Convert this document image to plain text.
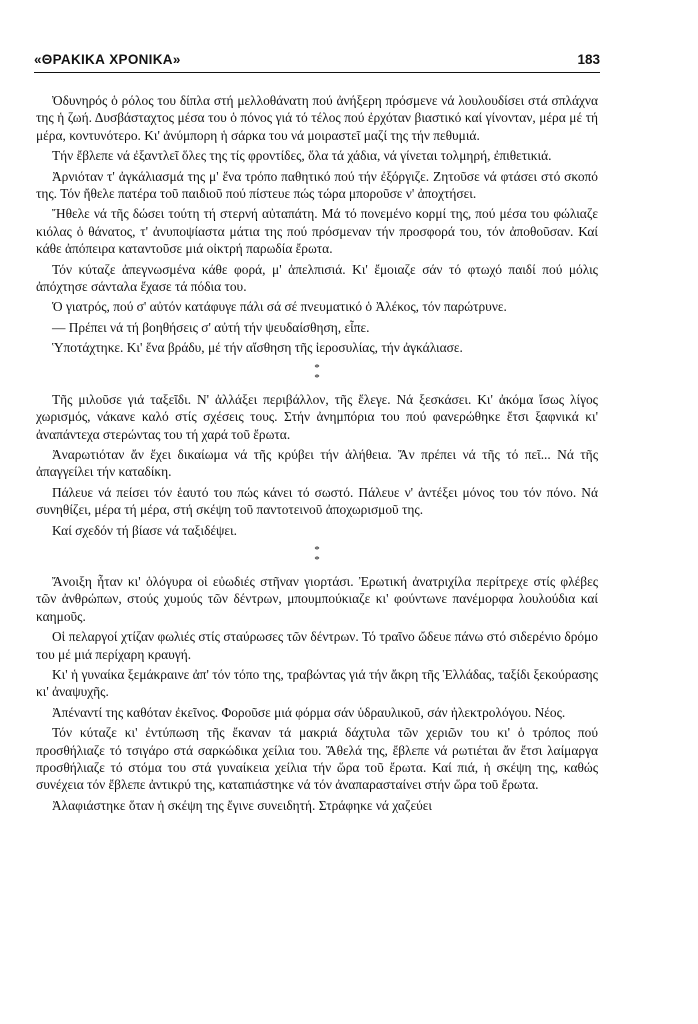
«ΘΡΑΚΙΚΑ ΧΡΟΝΙΚΑ»	183

Ὀδυνηρός ὁ ρόλος του δίπλα στή μελλοθάνατη πού ἀνήξερη πρόσμενε νά λουλουδίσει στά σπλάχνα της ἡ ζωή. Δυσβάσταχτος μέσα του ὁ πόνος γιά τό τέλος πού ἐρχόταν βιαστικό καί γίνονταν, μέρα μέ τή μέρα, κοντυνότερο. Κι' ἀνύμπορη ἡ σάρκα του νά μοιραστεῖ μαζί της τήν πεθυμιά.

Τήν ἔβλεπε νά ἐξαντλεῖ ὅλες της τίς φροντίδες, ὅλα τά χάδια, νά γίνεται τολμηρή, ἐπιθετικιά.

Ἀρνιόταν τ' ἀγκάλιασμά της μ' ἕνα τρόπο παθητικό πού τήν ἐξόργιζε. Ζητοῦσε νά φτάσει στό σκοπό της. Τόν ἤθελε πατέρα τοῦ παιδιοῦ πού πίστευε πώς τώρα μποροῦσε ν' ἀποχτήσει.

Ἤθελε νά τῆς δώσει τούτη τή στερνή αὐταπάτη. Μά τό πονεμένο κορμί της, πού μέσα του φώλιαζε κιόλας ὁ θάνατος, τ' ἀνυποψίαστα μάτια της πού πρόσμεναν τήν προσφορά του, τόν ἀποθοῦσαν. Καί κάθε ἀπόπειρα καταντοῦσε μιά οἰκτρή παρωδία ἔρωτα.

Τόν κύταζε ἀπεγνωσμένα κάθε φορά, μ' ἀπελπισιά. Κι' ἔμοιαζε σάν τό φτωχό παιδί πού μόλις ἀπόχτησε σάνταλα ἔχασε τά πόδια του.

Ὁ γιατρός, πού σ' αὐτόν κατάφυγε πάλι σά σέ πνευματικό ὁ Ἀλέκος, τόν παρώτρυνε.

— Πρέπει νά τή βοηθήσεις σ' αὐτή τήν ψευδαίσθηση, εἶπε.

Ὑποτάχτηκε. Κι' ἕνα βράδυ, μέ τήν αἴσθηση τῆς ἱεροσυλίας, τήν ἀγκάλιασε.

*
*

Τῆς μιλοῦσε γιά ταξεῖδι. Ν' ἀλλάξει περιβάλλον, τῆς ἔλεγε. Νά ξεσκάσει. Κι' ἀκόμα ἴσως λίγος χωρισμός, νάκανε καλό στίς σχέσεις τους. Στήν ἀνημπόρια του πού φανερώθηκε ἔτσι ξαφνικά κι' ἀναπάντεχα στερώντας του τή χαρά τοῦ ἔρωτα.

Ἀναρωτιόταν ἄν ἔχει δικαίωμα νά τῆς κρύβει τήν ἀλήθεια. Ἄν πρέπει νά τῆς τό πεῖ... Νά τῆς ἀπαγγείλει τήν καταδίκη.

Πάλευε νά πείσει τόν ἑαυτό του πώς κάνει τό σωστό. Πάλευε ν' ἀντέξει μόνος του τόν πόνο. Νά συνηθίζει, μέρα τή μέρα, στή σκέψη τοῦ παντοτεινοῦ ἀποχωρισμοῦ της.

Καί σχεδόν τή βίασε νά ταξιδέψει.

*
*

Ἄνοιξη ἦταν κι' ὁλόγυρα οἱ εὐωδιές στῆναν γιορτάσι. Ἐρωτική ἀνατριχίλα περίτρεχε στίς φλέβες τῶν ἀνθρώπων, στούς χυμούς τῶν δέντρων, μπουμπούκιαζε κι' φούντωνε πανέμορφα λουλούδια καί καημοῦς.

Οἱ πελαργοί χτίζαν φωλιές στίς σταύρωσες τῶν δέντρων. Τό τραῖνο ὤδευε πάνω στό σιδερένιο δρόμο του μέ μιά περίχαρη κραυγή.

Κι' ἡ γυναίκα ξεμάκραινε ἀπ' τόν τόπο της, τραβώντας γιά τήν ἄκρη τῆς Ἑλλάδας, ταξίδι ξεκούρασης κι' ἀναψυχῆς.

Ἀπέναντί της καθόταν ἐκεῖνος. Φοροῦσε μιά φόρμα σάν ὑδραυλικοῦ, σάν ἠλεκτρολόγου. Νέος.

Τόν κύταζε κι' ἐντύπωση τῆς ἔκαναν τά μακριά δάχτυλα τῶν χεριῶν του κι' ὁ τρόπος πού προσθήλιαζε τό τσιγάρο στά σαρκώδικα χείλια του. Ἄθελά της, ἔβλεπε νά ρωτιέται ἄν ἔτσι λαίμαργα προσθήλιαζε τό στόμα του στά γυναίκεια χείλια τήν ὥρα τοῦ ἔρωτα. Καί πιά, ἡ σκέψη της, καθώς συνέχεια τόν ἔβλεπε ἀντικρύ της, καταπιάστηκε νά τόν ἀναπαρασταίνει στήν ὥρα τοῦ ἔρωτα.

Ἀλαφιάστηκε ὅταν ἡ σκέψη της ἔγινε συνειδητή. Στράφηκε νά χαζεύει
